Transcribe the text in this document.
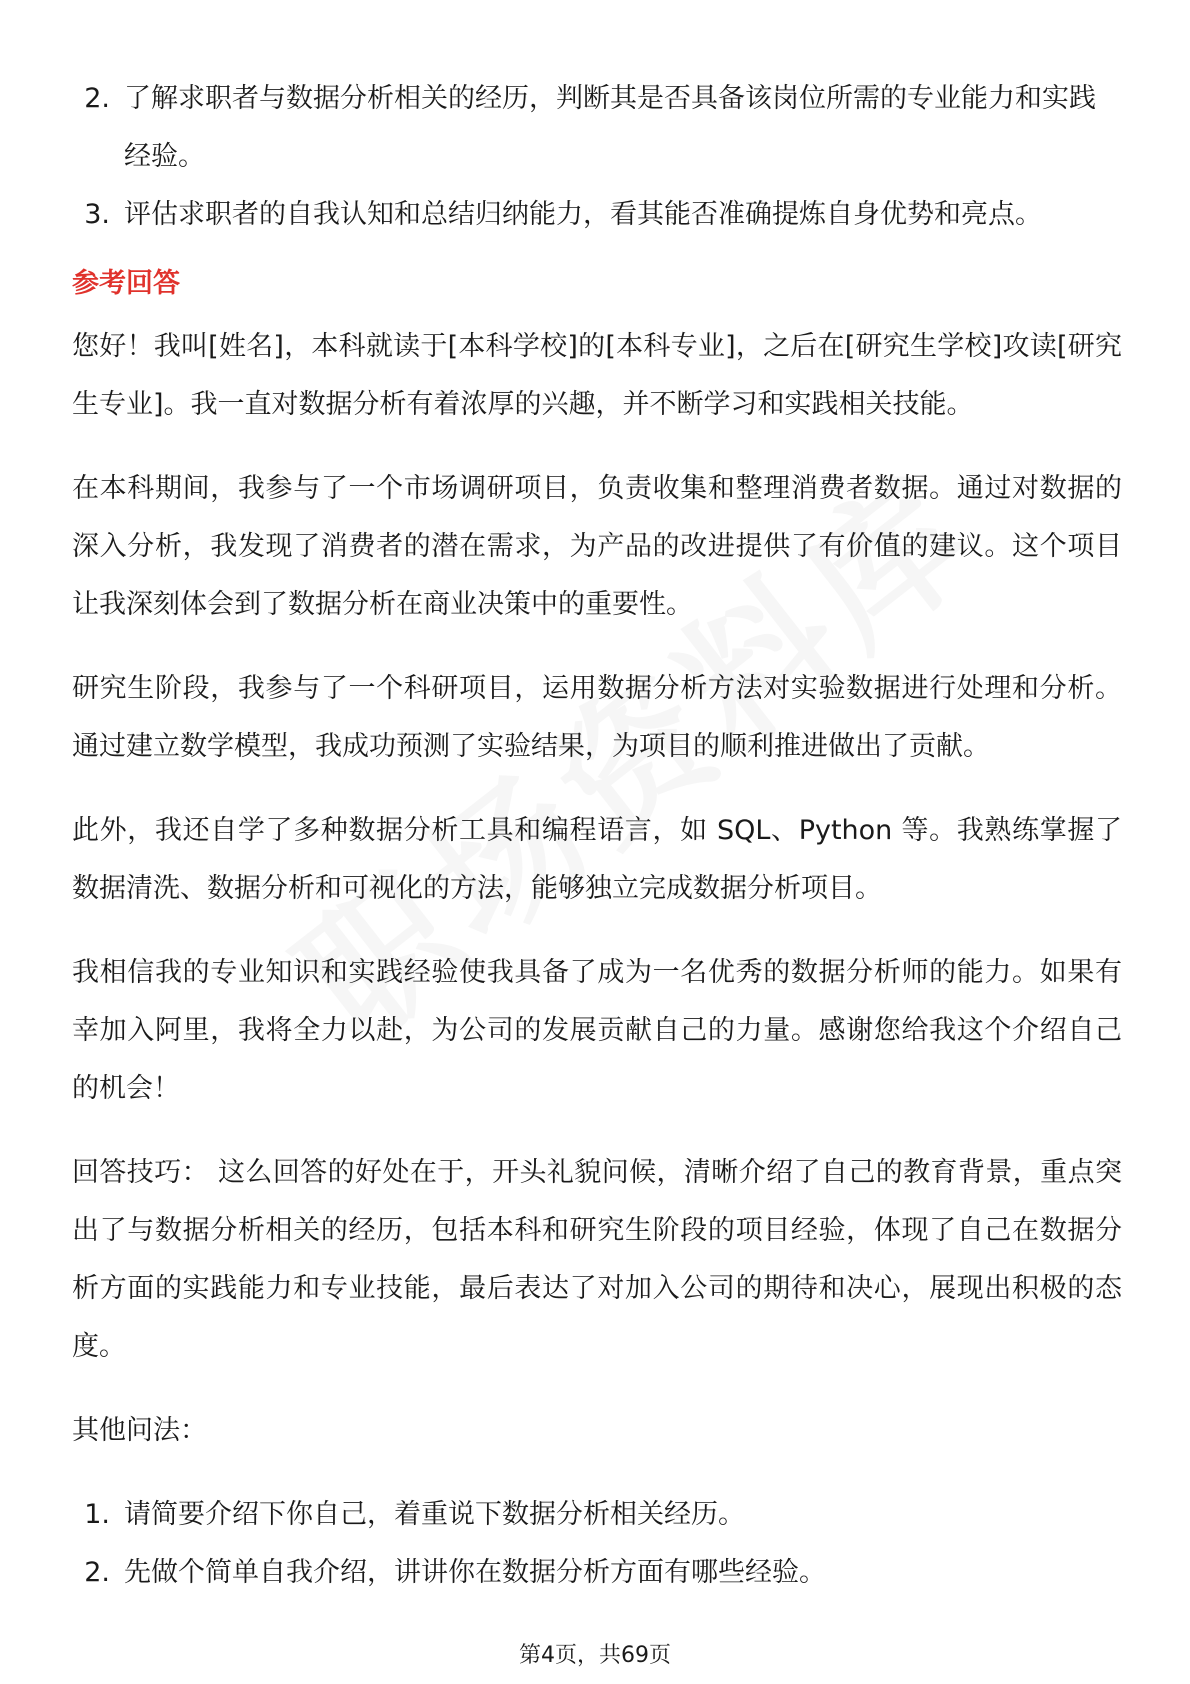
2. 了解求职者与数据分析相关的经历，判断其是否具备该岗位所需的专业能力和实践经验。
3. 评估求职者的自我认知和总结归纳能力，看其能否准确提炼自身优势和亮点。
参考回答

您好！我叫[姓名]，本科就读于[本科学校]的[本科专业]，之后在[研究生学校]攻读[研究生专业]。我一直对数据分析有着浓厚的兴趣，并不断学习和实践相关技能。

在本科期间，我参与了一个市场调研项目，负责收集和整理消费者数据。通过对数据的深入分析，我发现了消费者的潜在需求，为产品的改进提供了有价值的建议。这个项目让我深刻体会到了数据分析在商业决策中的重要性。

研究生阶段，我参与了一个科研项目，运用数据分析方法对实验数据进行处理和分析。通过建立数学模型，我成功预测了实验结果，为项目的顺利推进做出了贡献。

此外，我还自学了多种数据分析工具和编程语言，如 SQL、Python 等。我熟练掌握了数据清洗、数据分析和可视化的方法，能够独立完成数据分析项目。

我相信我的专业知识和实践经验使我具备了成为一名优秀的数据分析师的能力。如果有幸加入阿里，我将全力以赴，为公司的发展贡献自己的力量。感谢您给我这个介绍自己的机会！

回答技巧： 这么回答的好处在于，开头礼貌问候，清晰介绍了自己的教育背景，重点突出了与数据分析相关的经历，包括本科和研究生阶段的项目经验，体现了自己在数据分析方面的实践能力和专业技能，最后表达了对加入公司的期待和决心，展现出积极的态度。

其他问法：

1. 请简要介绍下你自己，着重说下数据分析相关经历。
2. 先做个简单自我介绍，讲讲你在数据分析方面有哪些经验。
第4页，共69页
